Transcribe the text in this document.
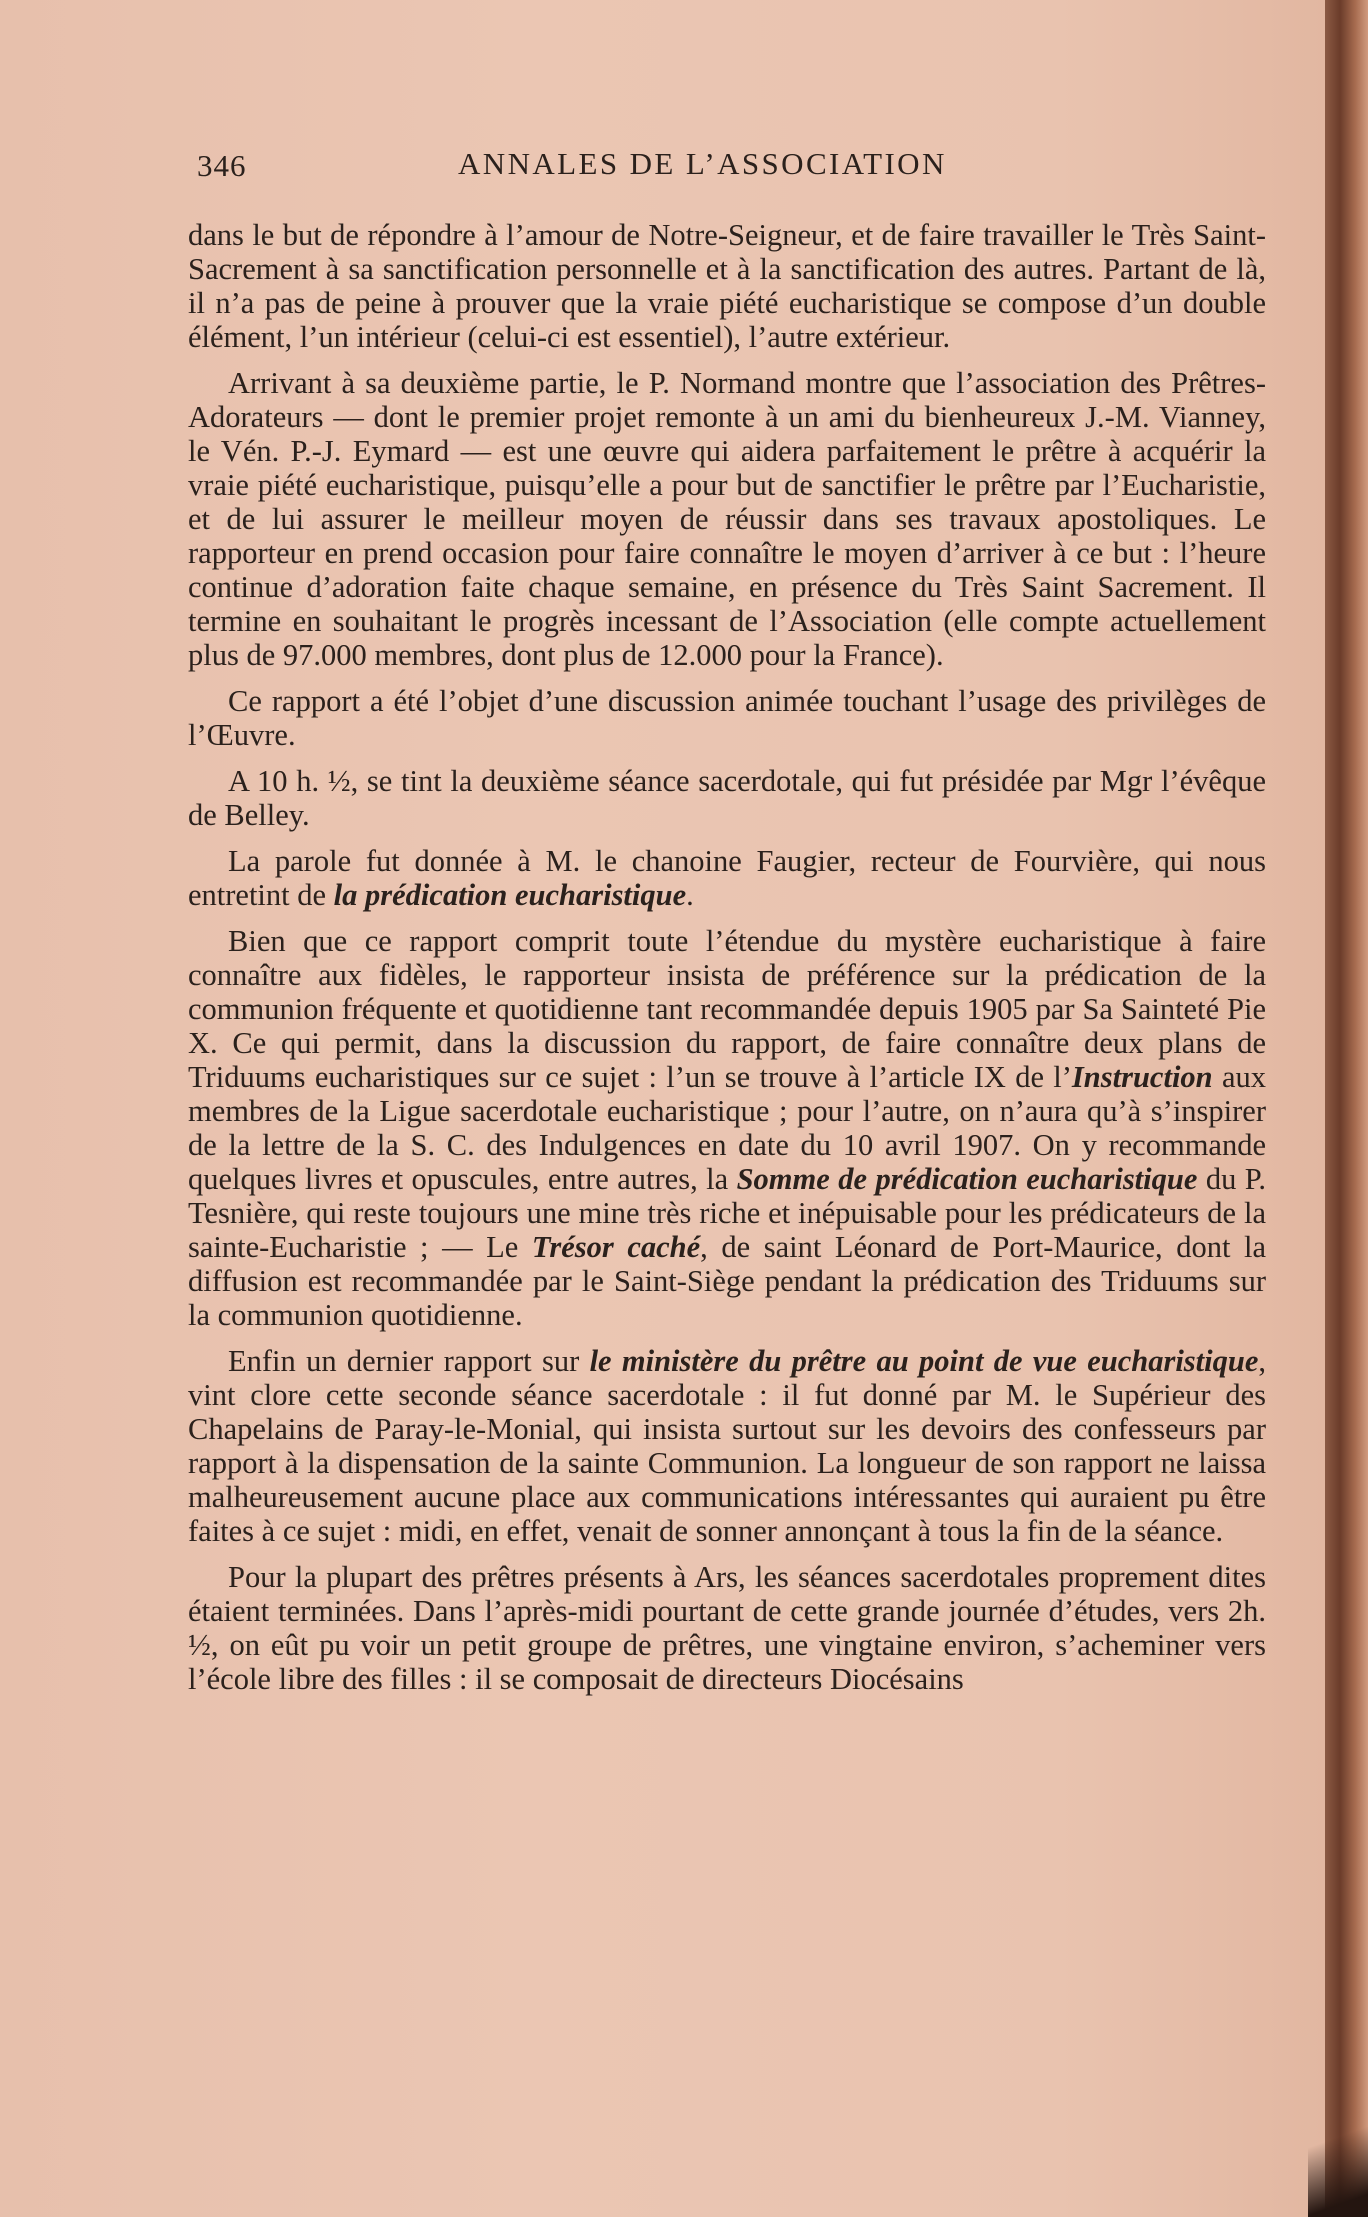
346	ANNALES DE L’ASSOCIATION

dans le but de répondre à l’amour de Notre-Seigneur, et de faire travailler le Très Saint-Sacrement à sa sanctification personnelle et à la sanctification des autres. Partant de là, il n’a pas de peine à prouver que la vraie piété eucharistique se compose d’un double élément, l’un intérieur (celui-ci est essentiel), l’autre extérieur.

Arrivant à sa deuxième partie, le P. Normand montre que l’association des Prêtres-Adorateurs — dont le premier projet remonte à un ami du bienheureux J.-M. Vianney, le Vén. P.-J. Eymard — est une œuvre qui aidera parfaitement le prêtre à acquérir la vraie piété eucharistique, puisqu’elle a pour but de sanctifier le prêtre par l’Eucharistie, et de lui assurer le meilleur moyen de réussir dans ses travaux apostoliques. Le rapporteur en prend occasion pour faire connaître le moyen d’arriver à ce but : l’heure continue d’adoration faite chaque semaine, en présence du Très Saint Sacrement. Il termine en souhaitant le progrès incessant de l’Association (elle compte actuellement plus de 97.000 membres, dont plus de 12.000 pour la France).

Ce rapport a été l’objet d’une discussion animée touchant l’usage des privilèges de l’Œuvre.

A 10 h. ½, se tint la deuxième séance sacerdotale, qui fut présidée par Mgr l’évêque de Belley.

La parole fut donnée à M. le chanoine Faugier, recteur de Fourvière, qui nous entretint de la prédication eucharistique.

Bien que ce rapport comprit toute l’étendue du mystère eucharistique à faire connaître aux fidèles, le rapporteur insista de préférence sur la prédication de la communion fréquente et quotidienne tant recommandée depuis 1905 par Sa Sainteté Pie X. Ce qui permit, dans la discussion du rapport, de faire connaître deux plans de Triduums eucharistiques sur ce sujet : l’un se trouve à l’article IX de l’Instruction aux membres de la Ligue sacerdotale eucharistique ; pour l’autre, on n’aura qu’à s’inspirer de la lettre de la S. C. des Indulgences en date du 10 avril 1907. On y recommande quelques livres et opuscules, entre autres, la Somme de prédication eucharistique du P. Tesnière, qui reste toujours une mine très riche et inépuisable pour les prédicateurs de la sainte-Eucharistie ; — Le Trésor caché, de saint Léonard de Port-Maurice, dont la diffusion est recommandée par le Saint-Siège pendant la prédication des Triduums sur la communion quotidienne.

Enfin un dernier rapport sur le ministère du prêtre au point de vue eucharistique, vint clore cette seconde séance sacerdotale : il fut donné par M. le Supérieur des Chapelains de Paray-le-Monial, qui insista surtout sur les devoirs des confesseurs par rapport à la dispensation de la sainte Communion. La longueur de son rapport ne laissa malheureusement aucune place aux communications intéressantes qui auraient pu être faites à ce sujet : midi, en effet, venait de sonner annonçant à tous la fin de la séance.

Pour la plupart des prêtres présents à Ars, les séances sacerdotales proprement dites étaient terminées. Dans l’après-midi pourtant de cette grande journée d’études, vers 2h. ½, on eût pu voir un petit groupe de prêtres, une vingtaine environ, s’acheminer vers l’école libre des filles : il se composait de directeurs Diocésains
